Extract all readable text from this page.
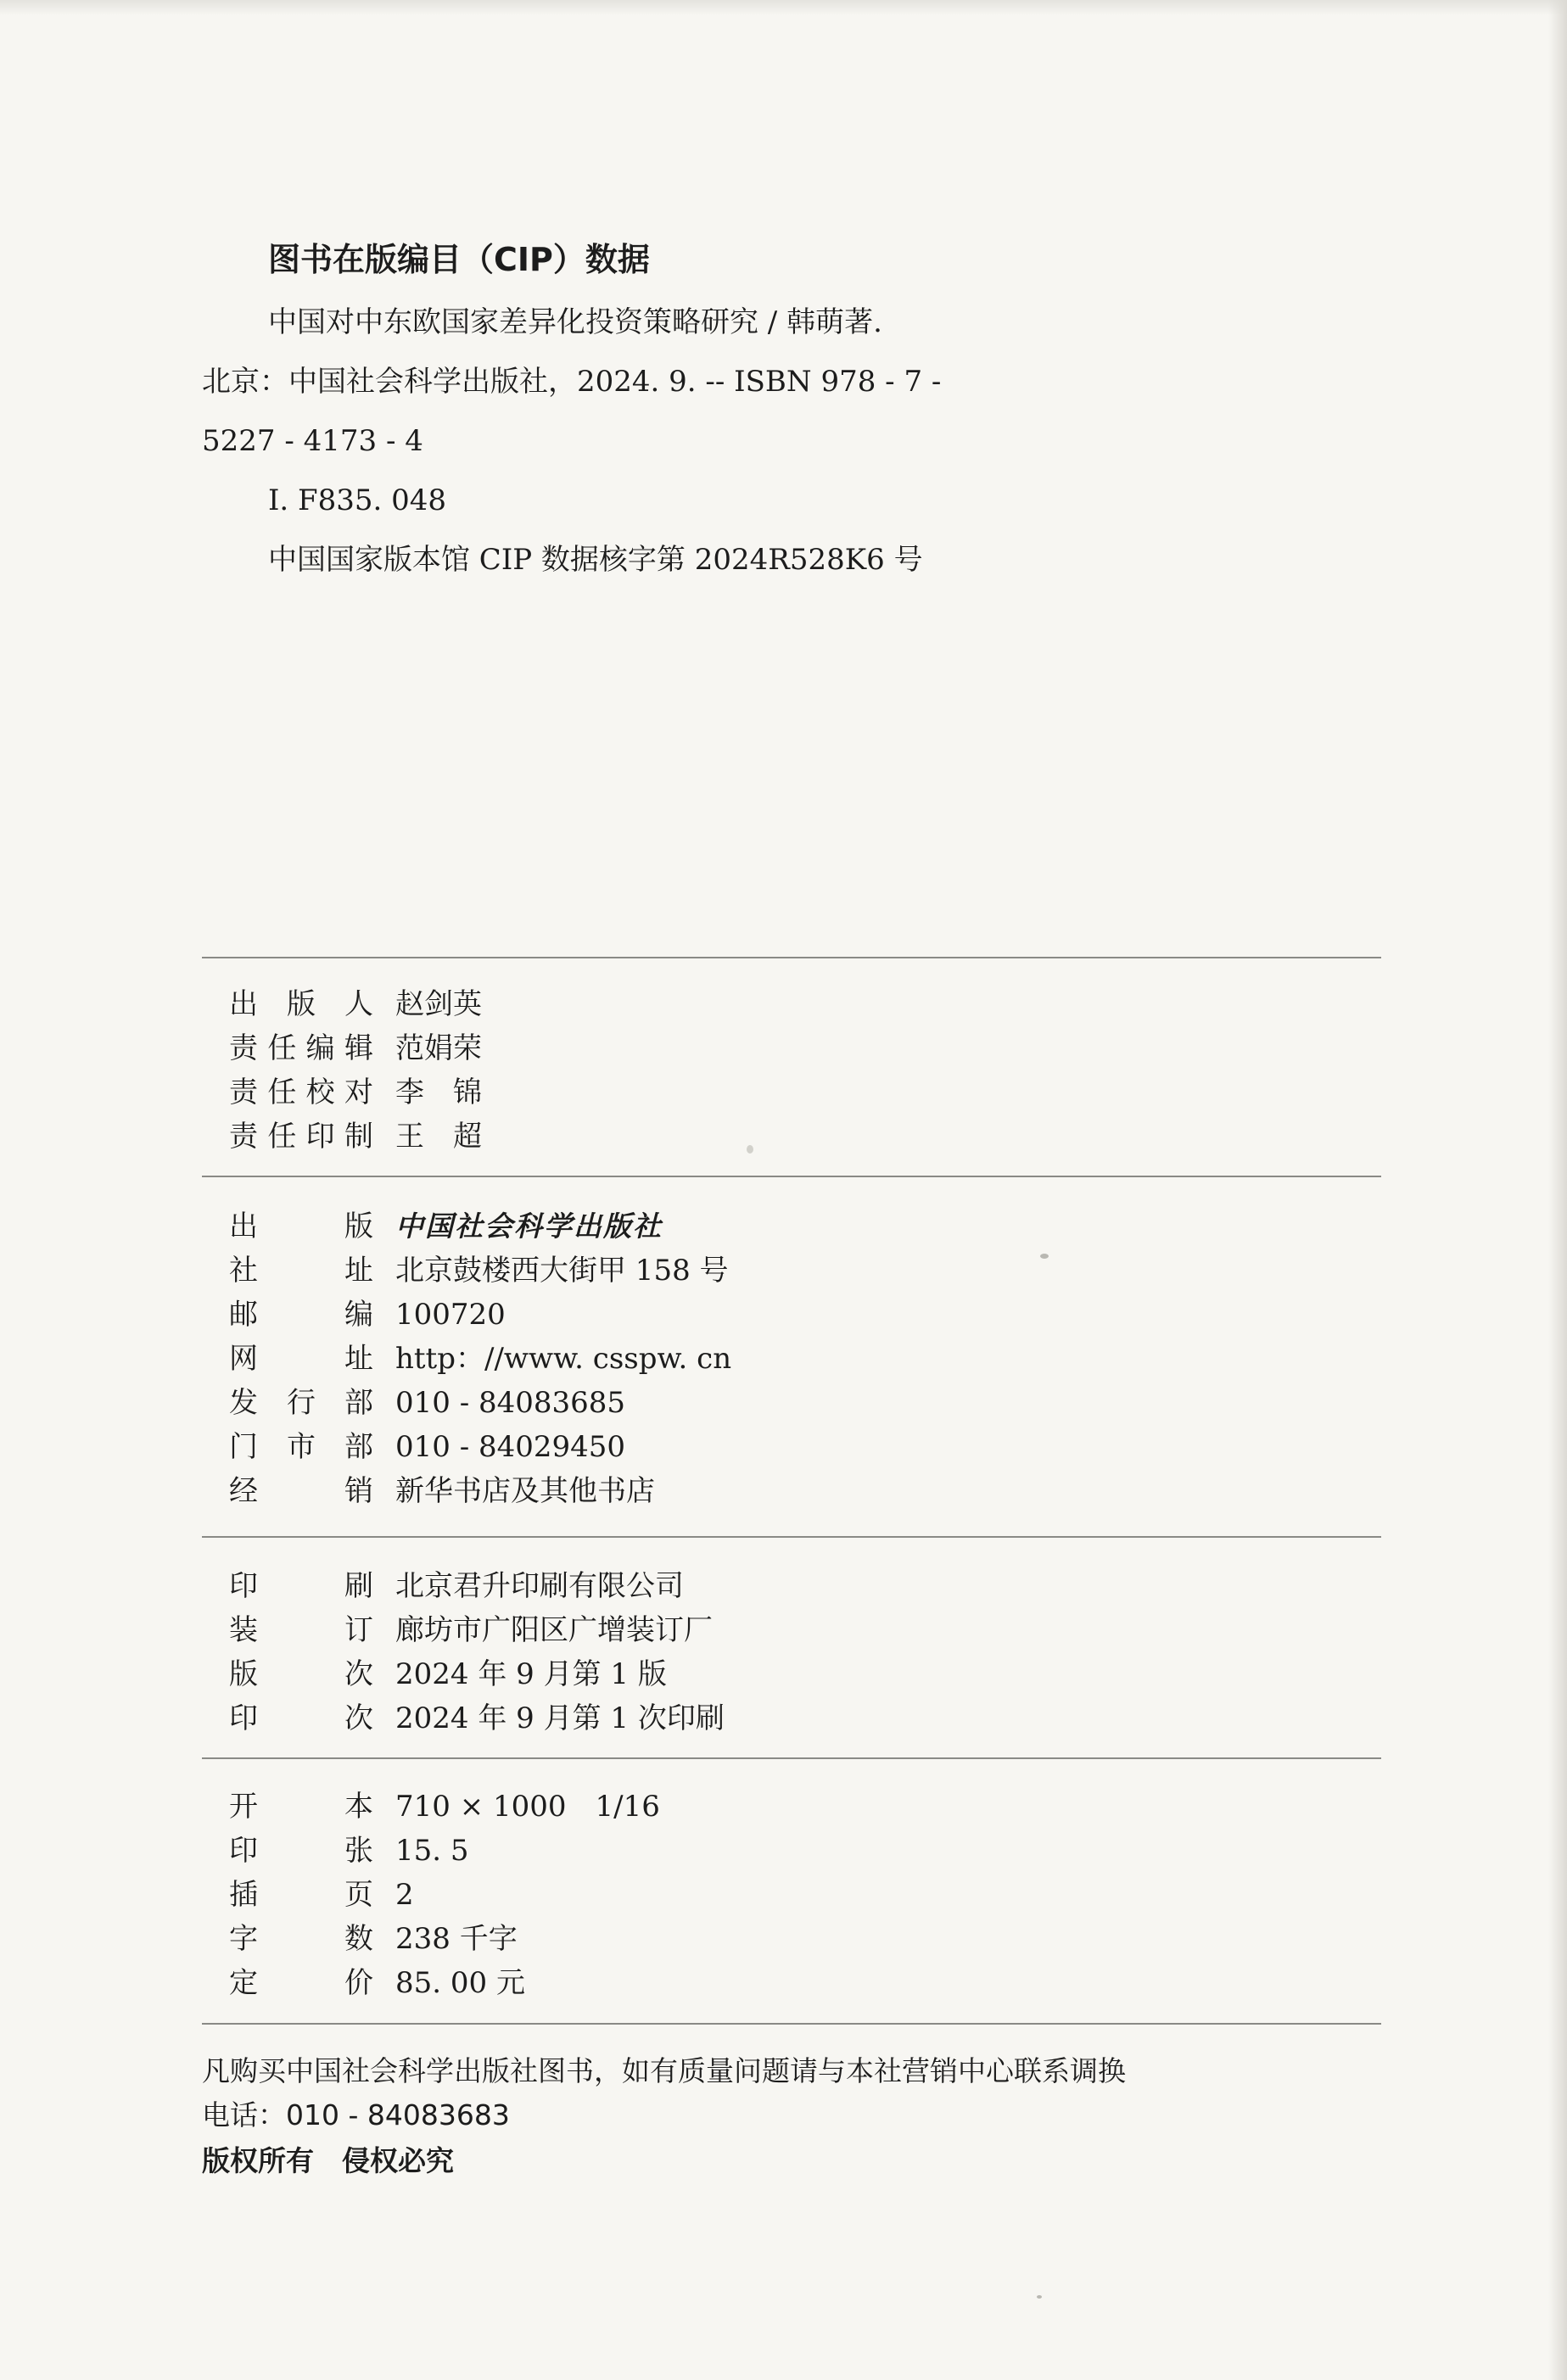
图书在版编目（CIP）数据
中国对中东欧国家差异化投资策略研究 / 韩萌著.
北京：中国社会科学出版社，2024. 9. -- ISBN 978 - 7 -
5227 - 4173 - 4
Ⅰ. F835. 048
中国国家版本馆 CIP 数据核字第 2024R528K6 号
出 版 人 赵剑英
责 任 编 辑 范娟荣
责 任 校 对 李　锦
责 任 印 制 王　超
出	版 中国社会科学出版社
社	址 北京鼓楼西大街甲 158 号
邮	编 100720
网	址 http：//www. csspw. cn
发 行 部 010 - 84083685
门 市 部 010 - 84029450
经	销 新华书店及其他书店
印	刷 北京君升印刷有限公司
装	订 廊坊市广阳区广增装订厂
版	次 2024 年 9 月第 1 版
印	次 2024 年 9 月第 1 次印刷
开	本 710 × 1000　1/16
印	张 15. 5
插	页 2
字	数 238 千字
定	价 85. 00 元
凡购买中国社会科学出版社图书，如有质量问题请与本社营销中心联系调换
电话：010 - 84083683
版权所有　侵权必究
